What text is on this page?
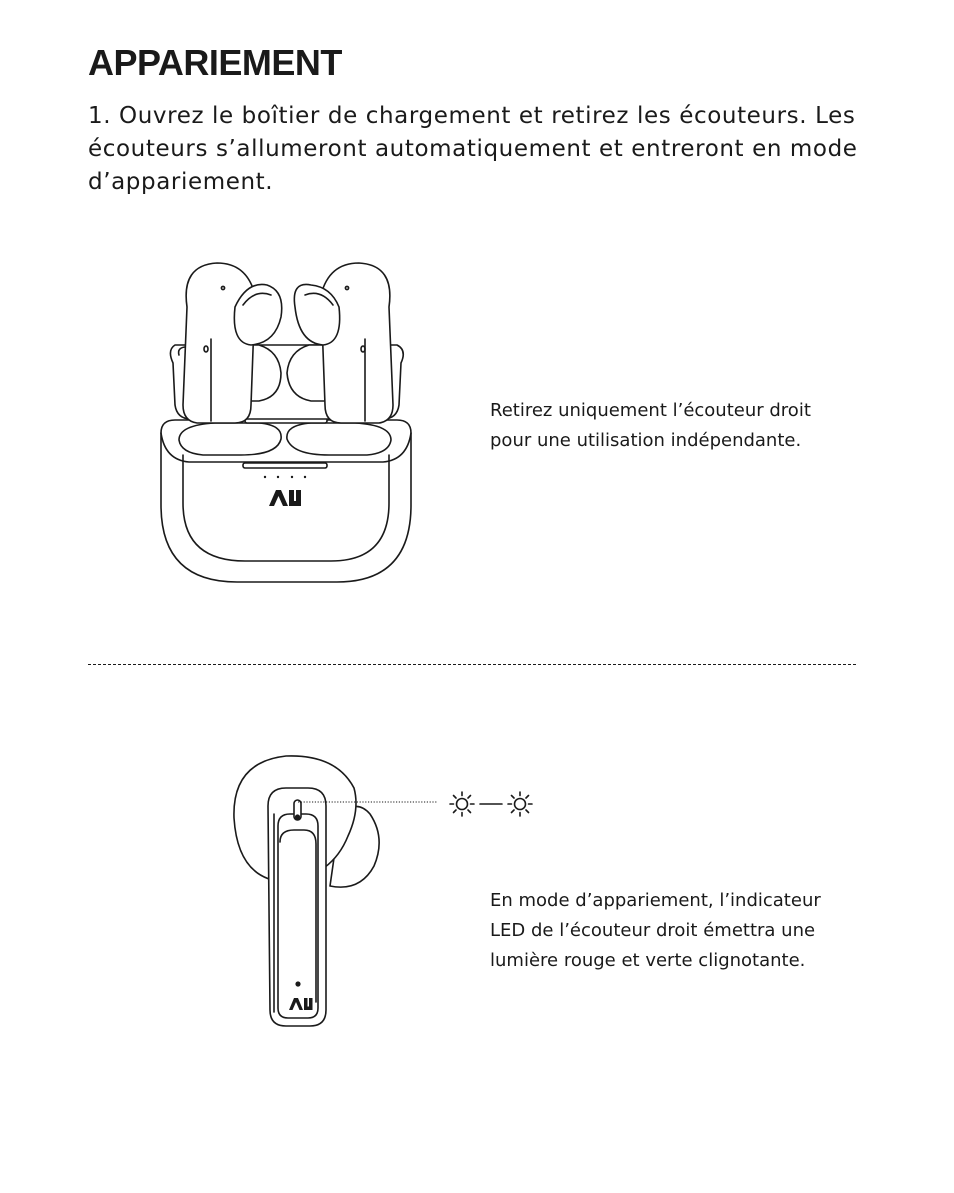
APPARIEMENT

1. Ouvrez le boîtier de chargement et retirez les écouteurs. Les écouteurs s’allumeront automatiquement et entreront en mode d’appariement.

Retirez uniquement l’écouteur droit
pour une utilisation indépendante.

En mode d’appariement, l’indicateur
LED de l’écouteur droit émettra une
lumière rouge et verte clignotante.
